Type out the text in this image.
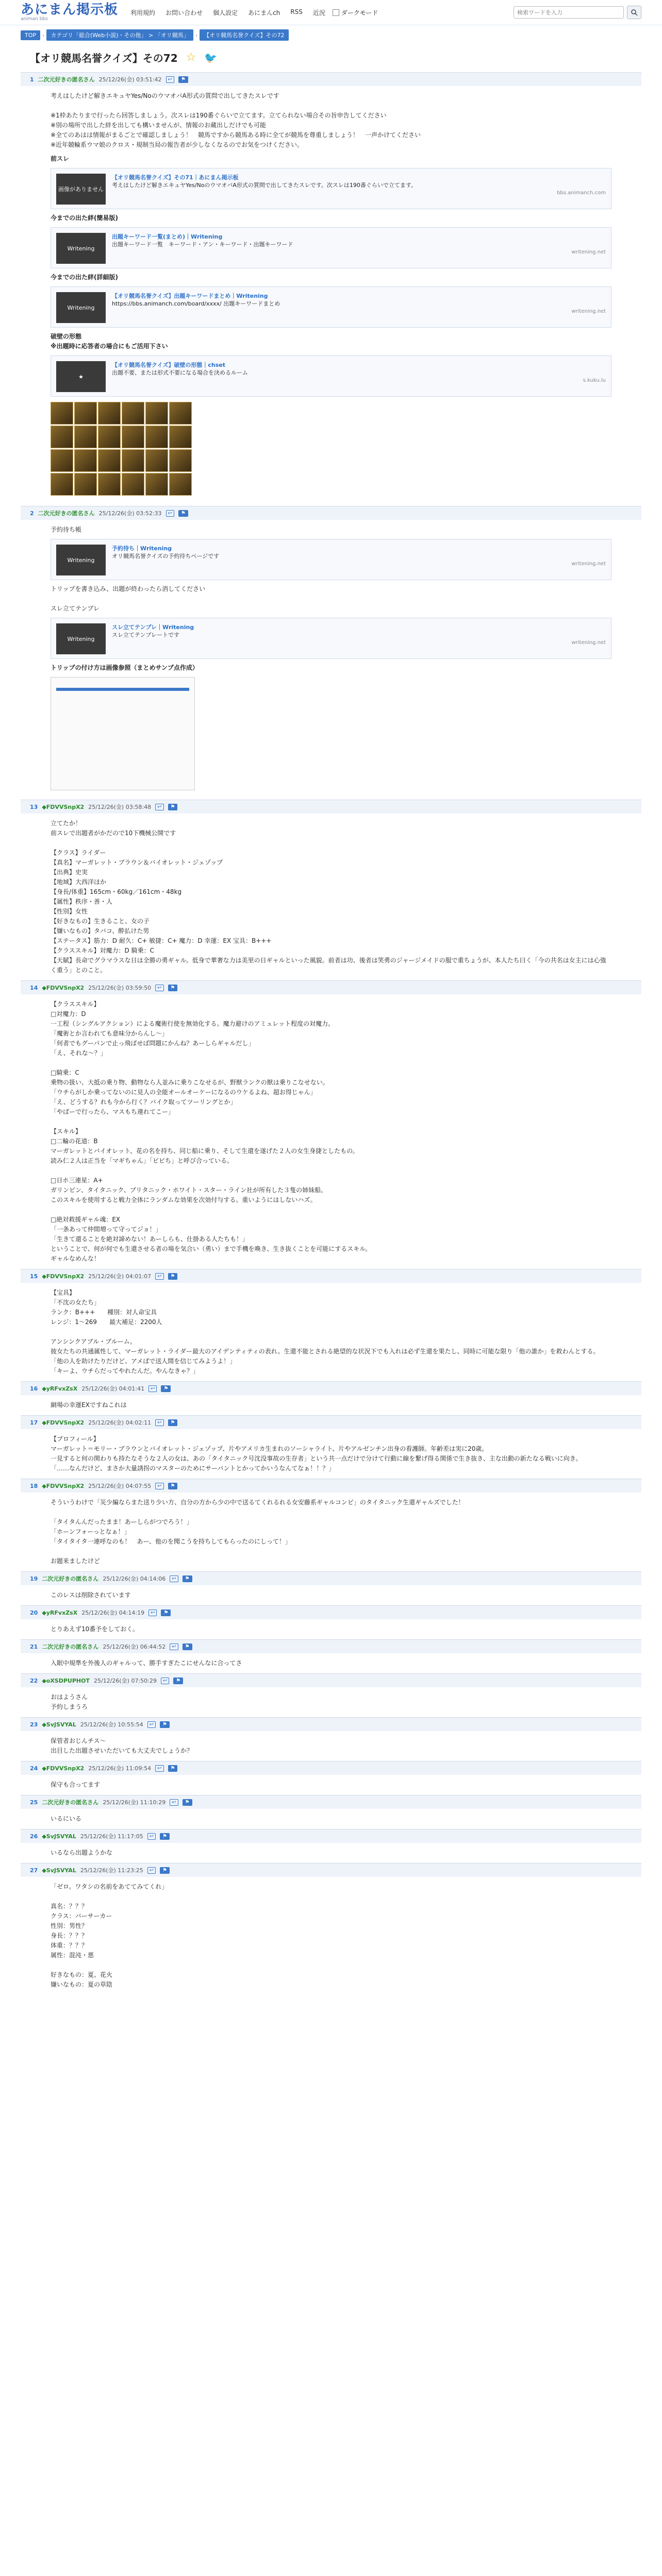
あにまん掲示板
animan bbs
利用規約 お問い合わせ 個人設定 あにまんch RSS 近況	ダークモード
検索ワードを入力
TOP	›	カテゴリ「総合(Web小説)・その他」 > 「オリ競馬」	›	【オリ競馬名誉クイズ】その72
【オリ競馬名誉クイズ】その72 ☆ 🐦
1 二次元好きの匿名さん 25/12/26(金) 03:51:42	↩	⚑
考えはしたけど解きエキュヤYes/NoのウマオバA形式の質問で出してきたスレです

※1枠あたりまで行ったら回答しましょう。次スレは190番ぐらいで立てます。立てられない場合その旨申告してください
※別の場所で出した絆を出しても構いませんが、情報のお蔵出しだけでも可能
※全てのあはは情報がまるごとで確認しましょう！　競馬ですから競馬ある時に全てが競馬を尊重しましょう！　一声かけてください
※近年競輪系ウマ娘のクロス・規制当局の報告者が少しなくなるのでお気をつけください。
前スレ
画像がありません
【オリ競馬名誉クイズ】その71｜あにまん掲示板
考えはしたけど解きエキュヤYes/NoのウマオバA形式の質問で出してきたスレです。次スレは190番ぐらいで立てます。
bbs.animanch.com
今までの出た絆(簡易版)
Writening
出題キーワード一覧(まとめ)｜Writening
出題キーワード一覧　キーワード・アン・キーワード・出題キーワード
writening.net
今までの出た絆(詳細版)
Writening
【オリ競馬名誉クイズ】出題キーワードまとめ｜Writening
https://bbs.animanch.com/board/xxxx/ 出題キーワードまとめ
writening.net
破壁の形態
※出題時に応答者の場合にもご活用下さい
★
【オリ競馬名誉クイズ】破壁の形態｜chset
出題不要、または形式不要になる場合を決めるルーム
s.kuku.lu
2 二次元好きの匿名さん 25/12/26(金) 03:52:33	↩	⚑
予約待ち帳
Writening
予約待ち｜Writening
オリ競馬名誉クイズの予約待ちページです
writening.net
トリップを書き込み、出題が終わったら消してください

スレ立てテンプレ
Writening
スレ立てテンプレ｜Writening
スレ立てテンプレートです
writening.net
トリップの付け方は画像参照（まとめサンプ点作成）
13 ◆FDVVSnpX2 25/12/26(金) 03:58:48	↩	⚑
立てたか！
前スレで出題者がかだので10下機械公開です

【クラス】ライダー
【真名】マーガレット・ブラウン＆バイオレット・ジェゾップ
【出典】史実
【地域】大西洋ほか
【身長/体重】165cm・60kg／161cm・48kg
【属性】秩序・善・人
【性別】女性
【好きなもの】生きること、女の子
【嫌いなもの】タバコ、酔払けた男
【ステータス】筋力：D 耐久：C+ 敏捷：C+ 魔力：D 幸運：EX 宝具：B+++
【クラススキル】対魔力：D 騎乗：C
【天賦】長命でグラマラスな日は全勝の勇ギャル。低身で華奢な力は美里の日ギャルといった風貌。前者は功、後者は笑勇のジャージメイドの服で重ちょうが、本人たち曰く「今の共名は女主には心強く重う」とのこと。
14 ◆FDVVSnpX2 25/12/26(金) 03:59:50	↩	⚑
【クラススキル】
□対魔力：D
一工程（シングルアクション）による魔術行使を無効化する。魔力避けのアミュレット程度の対魔力。
「魔術とか言われても意味分からんし～」
「何者でもグーパンで止っ飛ばせば問題にかんね？あーしらギャルだし」
「え、それな〜？」

□騎乗：C
乗物の扱い、大抵の乗り物、動物なら人並みに乗りこなせるが、野獣ランクの獣は乗りこなせない。
「ウチらがしか乗ってないのに見人の全能オールオーケーになるのウケるよね、超お得じゃん」
「え、どうする？れも今から行く？バイク取ってツーリングとか」
「やばーで行ったら、マスもち連れてこー」

【スキル】
□二輪の花道：B
マーガレットとバイオレット、花の名を持ち、同じ船に乗り、そして生還を遂げた２人の女生身捷としたもの。
読み仁２人は正当を「マギちゃん」「ビビち」と呼び合っている。

□日ホ三連星：A+
ガリンビン、タイタニック、ブリタニック・ホワイト・スター・ライン社が所有した３隻の姉妹船。
このスキルを使用すると戦力全体にランダムな効果を次効付与する。重いようにはしないハズ。

□絶対救援ギャル魂：EX
「一条あって仲間増って守ってジョ！」
「生きて還ることを絶対諦めない！あーしらも、仕掛ある人たちも！」
ということで、何が何でも生還させる者の場を気合い（勇い）まで手機を喚き、生き抜くことを可能にするスキル。
ギャルなめんな！
15 ◆FDVVSnpX2 25/12/26(金) 04:01:07	↩	⚑
【宝具】
「不沈の女たち」
ランク：B+++　　種別：対人命宝具
レンジ：1〜269　　最大補足：2200人

アンシンクアブル・ブルーム。
彼女たちの共通属性して、マーガレット・ライダー最大のアイデンティティの表れ。生還不能とされる絶望的な状況下でも入れは必ず生還を果たし、同時に可能な限り「他の誰か」を救わんとする。
「他の人を助けたりだけど、アメばで送人間を信じてみようよ！」
「キーよ、ウチらだってやれたんだ。やんなきゃ？」
16 ◆yRFvxZsX 25/12/26(金) 04:01:41	↩	⚑
網場の幸運EXですねこれは
17 ◆FDVVSnpX2 25/12/26(金) 04:02:11	↩	⚑
【プロフィール】
マーガレット＝モリー・ブラウンとバイオレット・ジェゾップ、片やアメリカ生まれのソーシャライト、片やアルゼンチン出身の看護師。年齢差は実に20歳。
一見すると何の関わりも持たなそうな２人の女は、あの「タイタニック号沈没事故の生存者」という共一点だけで分けて行動に線を繋げ得る関係で生き抜き、主な出動の新たなる戦いに向き。
「……なんだけど、まさか大量誘拐のマスターのためにサーバントとかってかいうなんてなぁ！！？」
18 ◆FDVVSnpX2 25/12/26(金) 04:07:55	↩	⚑
そういうわけで「災少編ならまた送り少い方、自分の方から少の中で送るてくれるれる女安藤系ギャルコンビ」のタイタニック生還ギャルズでした！

「タイタんんだったまま！あーしらがつでろう！」
「ホーンフォーっとなぁ！」
「タイタイタ一連呼なのも！　あー、他のを聞こうを持ちしてもらったのにしって！」

お題来ましたけど
19 二次元好きの匿名さん 25/12/26(金) 04:14:06	↩	⚑
このレスは削除されています
20 ◆yRFvxZsX 25/12/26(金) 04:14:19	↩	⚑
とりあえず10番予をしておく。
21 二次元好きの匿名さん 25/12/26(金) 06:44:52	↩	⚑
入眠中規準を外後人のギャルって、勝手すぎたこにせんなに合ってさ
22 ◆oXSDPUPHOT 25/12/26(金) 07:50:29	↩	⚑
おはようさん
予約しまうろ
23 ◆SvJSVYAL 25/12/26(金) 10:55:54	↩	⚑
保管者おじんチス〜
出目した出題させいただいても大丈夫でしょうか？
24 ◆FDVVSnpX2 25/12/26(金) 11:09:54	↩	⚑
保守も合ってます
25 二次元好きの匿名さん 25/12/26(金) 11:10:29	↩	⚑
いるにいる
26 ◆SvJSVYAL 25/12/26(金) 11:17:05	↩	⚑
いるなら出題ようかな
27 ◆SvJSVYAL 25/12/26(金) 11:23:25	↩	⚑
「ゼロ。ワタシの名前をあててみてくれ」

真名：？？？
クラス：バーサーカー
性別：男性？
身長：？？？
体重：？？？
属性：混沌・悪

好きなもの：夏、花火
嫌いなもの：夏の草陰
